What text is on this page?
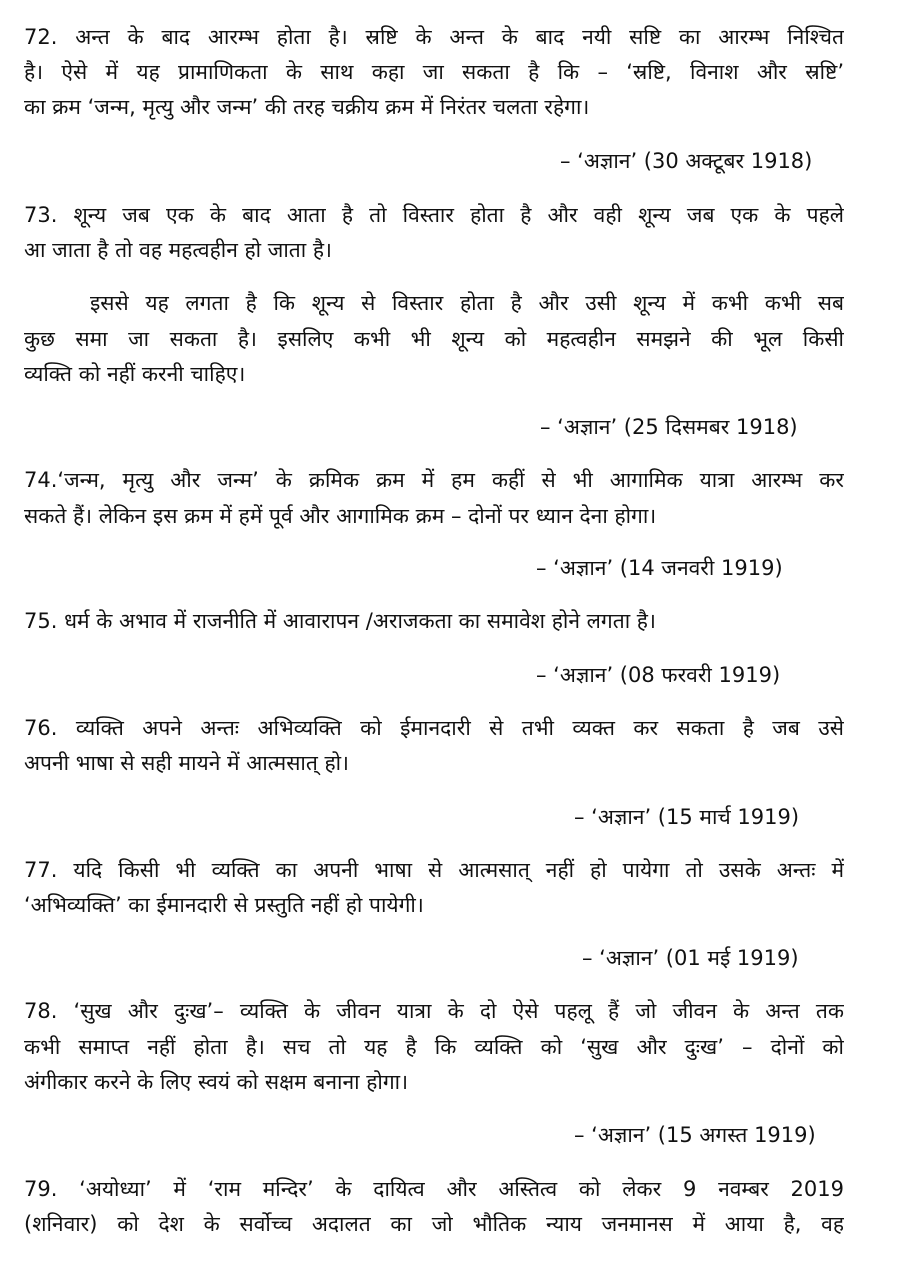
72. अन्त के बाद आरम्भ होता है। स्रष्टि के अन्त के बाद नयी सष्टि का आरम्भ निश्चित
है। ऐसे में यह प्रामाणिकता के साथ कहा जा सकता है कि – ‘स्रष्टि, विनाश और स्रष्टि’
का क्रम ‘जन्म, मृत्यु और जन्म’ की तरह चक्रीय क्रम में निरंतर चलता रहेगा।
– ‘अज्ञान’ (30 अक्टूबर 1918)
73. शून्य जब एक के बाद आता है तो विस्तार होता है और वही शून्य जब एक के पहले
आ जाता है तो वह महत्वहीन हो जाता है।
इससे यह लगता है कि शून्य से विस्तार होता है और उसी शून्य में कभी कभी सब
कुछ समा जा सकता है। इसलिए कभी भी शून्य को महत्वहीन समझने की भूल किसी
व्यक्ति को नहीं करनी चाहिए।
– ‘अज्ञान’ (25 दिसमबर 1918)
74.‘जन्म, मृत्यु और जन्म’ के क्रमिक क्रम में हम कहीं से भी आगामिक यात्रा आरम्भ कर
सकते हैं। लेकिन इस क्रम में हमें पूर्व और आगामिक क्रम – दोनों पर ध्यान देना होगा।
– ‘अज्ञान’ (14 जनवरी 1919)
75. धर्म के अभाव में राजनीति में आवारापन /अराजकता का समावेश होने लगता है।
– ‘अज्ञान’ (08 फरवरी 1919)
76. व्यक्ति अपने अन्तः अभिव्यक्ति को ईमानदारी से तभी व्यक्त कर सकता है जब उसे
अपनी भाषा से सही मायने में आत्मसात् हो।
– ‘अज्ञान’ (15 मार्च 1919)
77. यदि किसी भी व्यक्ति का अपनी भाषा से आत्मसात् नहीं हो पायेगा तो उसके अन्तः में
‘अभिव्यक्ति’ का ईमानदारी से प्रस्तुति नहीं हो पायेगी।
– ‘अज्ञान’ (01 मई 1919)
78. ‘सुख और दुःख’– व्यक्ति के जीवन यात्रा के दो ऐसे पहलू हैं जो जीवन के अन्त तक
कभी समाप्त नहीं होता है। सच तो यह है कि व्यक्ति को ‘सुख और दुःख’ – दोनों को
अंगीकार करने के लिए स्वयं को सक्षम बनाना होगा।
– ‘अज्ञान’ (15 अगस्त 1919)
79. ‘अयोध्या’ में ‘राम मन्दिर’ के दायित्व और अस्तित्व को लेकर 9 नवम्बर 2019
(शनिवार) को देश के सर्वोच्च अदालत का जो भौतिक न्याय जनमानस में आया है, वह
